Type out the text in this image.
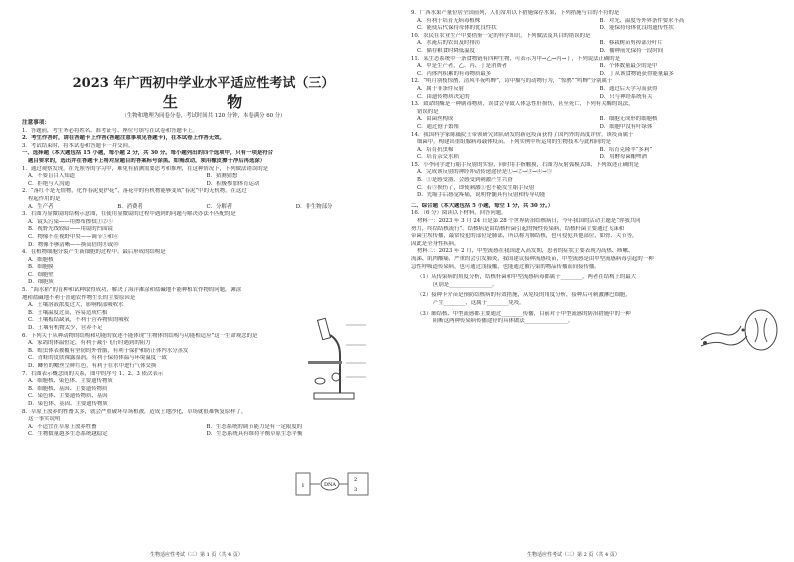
2023 年广西初中学业水平适应性考试（三）
生 物
（生物和地理为同卷分卷，考试时间共 120 分钟，本卷满分 60 分）
注意事项：
1．答题前，考生务必将姓名、准考证号、座位号填写在试卷和答题卡上。
2．考生作答时，请在答题卡上作答(答题注意事项见答题卡)，在本试卷上作答无效。
3．考试结束时，将本试卷和答题卡一并交回。
一、选择题（本大题包括 15 小题，每小题 2 分，共 30 分。每小题列出的四个选项中，只有一项是符合
题目要求的，选出并在答题卡上将对应题目的答案标号涂黑。如需改动，须用橡皮擦干净后再选涂）
1．通过观察发现，在光照等的学习中，难免有猜测需要思考和推理，在这种情况下，下列做法错误的是
A．不要盲目人知道	B．猜测猜想
C．拒绝与人沟通	D．积极参加体育运动
2．“落红不是无情物，化作春泥更护花”，落花中的有机物能够变成“春泥”中的无机物，在这过
程起作用的是
A．生产者	B．消费者	C．分解者	D．非生物部分
3．右图为显微镜的结构示意图，在使用显微镜的过程中遇到的问题与解决办法不匹配的是
A．镜头污染——用擦布擦拭①②⑤
B．视野光线较暗——用镜的凹面镜
C．物像不在视野中央——调节⑤和⑥
D．物像不够清晰——换高倍的⑪或⑩
4．在植物细胞分裂产生新细胞的过程中，最后形成的结构是
A．细胞核
B．细胞膜
C．细胞壁
D．细胞质
5．“海水稻”的育种和试种取得成功，解决了海洋滩涂和盐碱地不能种植农作物的问题，滩涂
地和盐碱地不利于普通农作物生长的主要原因是
A．土壤溶液浓度过大，影响根部吸收水
B．土壤温度过高，容易造成烂根
C．土壤板结缺氧，不利于营养物质的吸收
D．土壤有机物太少，营养不足
6．下列关于从种动物的结构和功能的叙述不能体现“生物体的结构与功能相适应”这一生命观念的是
A．家鸽的体温恒定，有利于减小飞行时遇到的阻力
B．蝗虫体表被覆有坚韧的外骨骼，有利于保护和防止体内水分蒸发
C．青蛙的皮肤裸露湿润，有利于保持体温与环境温度一致
D．鲫鱼的鳃丝呈鲜红色，有利于在水中进行气体交换
7．右图表示概念间的关系，图中的序号 1、2、3 依次表示
A．细胞核、染色体、主要遗传物质
B．细胞核、基因、主要遗传物质
C．染色体、主要遗传物质、基因
D．染色体、基因、主要遗传物质
8．草原上放养的牲畜太多，就会严重破坏草场植被，造成土地沙化，草场就很难恢复原样了，
这一事实说明
A．不适宜在草原上放养牲畜	B．生态系统的调节能力是有一定限度的
C．生物数量越多生态系统越稳定	D．生态系统具有维持平衡草原生态平衡
1	DNA
2
3
生物适应性考试（三）第 1 页（共 4 页）
9．广西水果产量位居全国前列，人们常用以下措施保存水果，下列措施与目的不符的是
A．有利于培育无病毒植株	B．对光、温度等外界条件要求不高
C．能使后代保持母体的优良性状	D．能保持母体优良的遗传性状
10．农民在农业生产中要借鉴一定的科学知识，下列做法及其目的错误的是
A．水淹后的农田及时排涝	B．移栽树苗剪掉部分叶片
C．储存粮食时降低温度	D．播种前先保持一段时间
11．某生态系统中一条食物链有四种生物，可表示为甲→乙→丙→丁，下列说法正确的是
A．甲是生产者，乙、丙、丁是消费者	B．个体数量最少的是甲
C．丙体内积累的有毒物质最多	D．丁从该食物链获得能量最多
12．“明月别枝惊鹊，清风半夜鸣蝉”，诗中描写的动物行为，“惊鹊”“鸣蝉”分别属于
A．属于非条件反射	B．通过后天学习而获得
C．由遗传物质决定的	D．只与神经系统有关
13．致命的酶是一种剧毒物质，误食会导致人体急性肝损伤，甚至死亡，下列有关酶的说法，
错误的是
A．由菌丝构成	B．细胞无成形的细胞核
C．通过孢子繁殖	D．细胞中没有叶绿体
14．我国科学家陈薇院士带领研究团队研发的新冠疫苗获得了国内外的高度评价，该疫苗属于
细菌中，构建出重组腺病毒载体疫苗。下列实例中所运用的生物技术与此相同的是
A．培育抗虫棉	B．培育克隆羊“多莉”
C．培育杂交水稻	D．用酵母菌酿啤酒
15．小李同学进行缩手反射的实验，同时用手指触摸，右图为反射弧模式图，下列叙述正确的是
A．完成该反射的神经冲动传递途径是①→②→③→④→⑤
B．①是感受器，会感受到刺激产生兴奋
C．若⑤损伤了，即使刺激①也不能发生缩手反射
D．先缩手后感觉疼痛，说明脊髓具有反射和传导功能
二、综合题（本大题包括 5 小题，每空 1 分，共 30 分。）
16．（6 分）阅读以下材料，回答问题。
材料一：2023 年 3 月 24 日是第 28 个世界防治结核病日，今年我国的活动主题是“你我共同
努力，终结结核流行”。结核病是由结核杆菌引起的慢性传染病，结核杆菌主要通过飞沫和
带菌尘埃传播，最常侵犯的部位是肺部，所以称为肺结核，也可侵犯其他部位，如骨、关节等，
因此是全身性疾病。
材料二：2023 年 2 月，甲型流感在我国进入高发期，患者的症状主要表现为高热、咳嗽、
流涕、肌肉酸痛，严重的会引发肺炎，我国建议接种流感疫苗，甲型流感是由甲型流感病毒引起的一种
急性呼吸道传染病，也可通过浅接触，也能通过被污染的物品传播而间接传播。
（1）从传染病的角度分析，结核杆菌和甲型流感病毒都属于________，两者在结构上的最大
区别是________________。
（2）接种卡介苗是预防结核病的有效措施，从免疫的角度分析，接种后可刺激淋巴细胞，
产生________，这属于________免疫。
（3）肺结核、甲型流感都主要通过________传播，目前对于甲型流感的防治措施中的一种
阻断这两种传染病传播途径的具体做法________________。
生物适应性考试（三）第 2 页（共 4 页）
